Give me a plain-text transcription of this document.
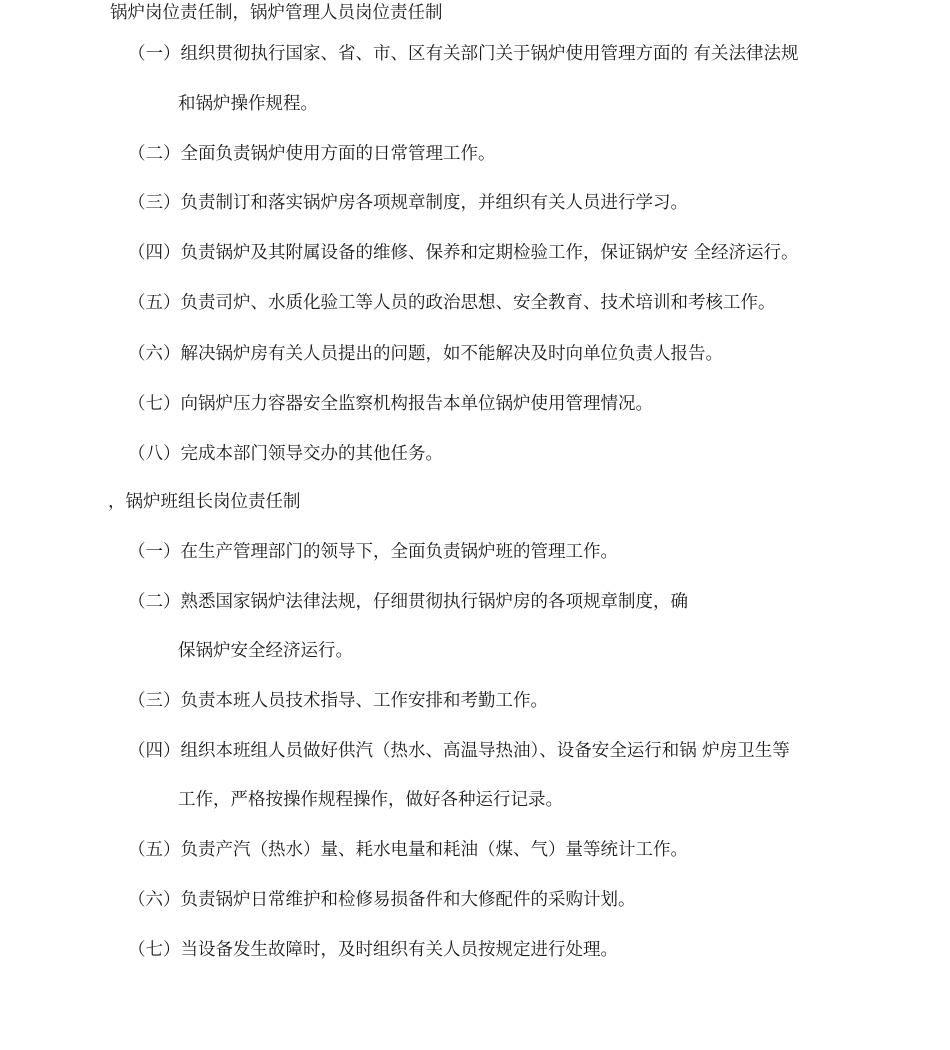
锅炉岗位责任制，锅炉管理人员岗位责任制
（一）组织贯彻执行国家、省、市、区有关部门关于锅炉使用管理方面的 有关法律法规
和锅炉操作规程。
（二）全面负责锅炉使用方面的日常管理工作。
（三）负责制订和落实锅炉房各项规章制度，并组织有关人员进行学习。
（四）负责锅炉及其附属设备的维修、保养和定期检验工作，保证锅炉安 全经济运行。
（五）负责司炉、水质化验工等人员的政治思想、安全教育、技术培训和考核工作。
（六）解决锅炉房有关人员提出的问题，如不能解决及时向单位负责人报告。
（七）向锅炉压力容器安全监察机构报告本单位锅炉使用管理情况。
（八）完成本部门领导交办的其他任务。
，锅炉班组长岗位责任制
（一）在生产管理部门的领导下，全面负责锅炉班的管理工作。
（二）熟悉国家锅炉法律法规，仔细贯彻执行锅炉房的各项规章制度，确
保锅炉安全经济运行。
（三）负责本班人员技术指导、工作安排和考勤工作。
（四）组织本班组人员做好供汽（热水、高温导热油）、设备安全运行和锅 炉房卫生等
工作，严格按操作规程操作，做好各种运行记录。
（五）负责产汽（热水）量、耗水电量和耗油（煤、气）量等统计工作。
（六）负责锅炉日常维护和检修易损备件和大修配件的采购计划。
（七）当设备发生故障时，及时组织有关人员按规定进行处理。
